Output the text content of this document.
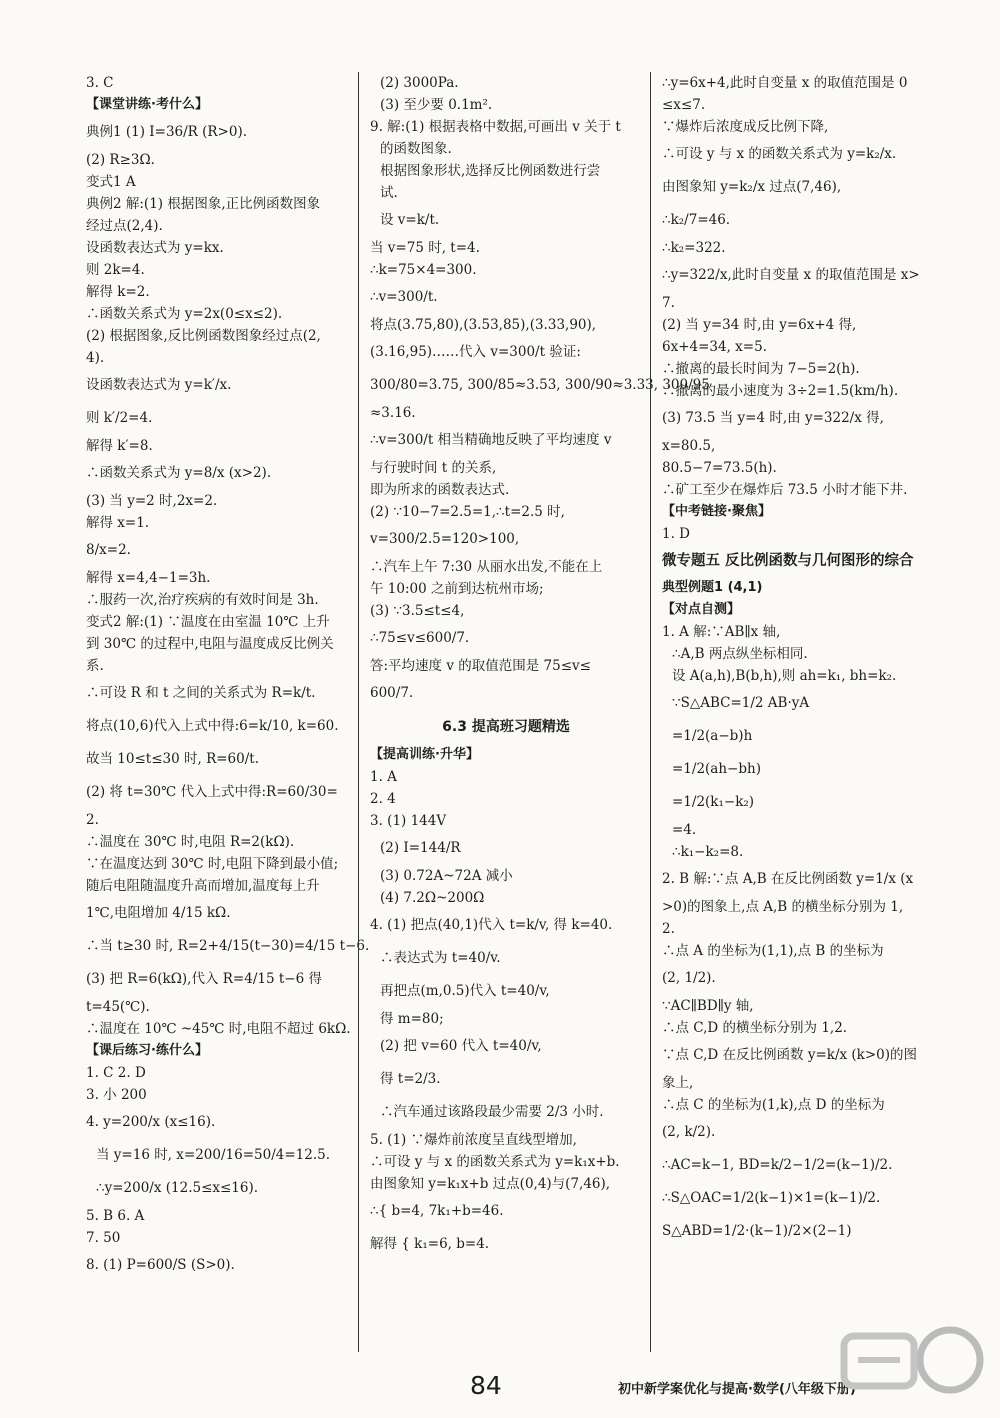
3. C
【课堂讲练·考什么】
典例1 (1) I=36/R (R>0).
(2) R≥3Ω.
变式1 A
典例2 解:(1) 根据图象,正比例函数图象
经过点(2,4).
设函数表达式为 y=kx.
则 2k=4.
解得 k=2.
∴函数关系式为 y=2x(0≤x≤2).
(2) 根据图象,反比例函数图象经过点(2,
4).
设函数表达式为 y=k′/x.
则 k′/2=4.
解得 k′=8.
∴函数关系式为 y=8/x (x>2).
(3) 当 y=2 时,2x=2.
解得 x=1.
8/x=2.
解得 x=4,4−1=3h.
∴服药一次,治疗疾病的有效时间是 3h.
变式2 解:(1) ∵温度在由室温 10℃ 上升
到 30℃ 的过程中,电阻与温度成反比例关
系.
∴可设 R 和 t 之间的关系式为 R=k/t.
将点(10,6)代入上式中得:6=k/10, k=60.
故当 10≤t≤30 时, R=60/t.
(2) 将 t=30℃ 代入上式中得:R=60/30=
2.
∴温度在 30℃ 时,电阻 R=2(kΩ).
∵在温度达到 30℃ 时,电阻下降到最小值;
随后电阻随温度升高而增加,温度每上升
1℃,电阻增加 4/15 kΩ.
∴当 t≥30 时, R=2+4/15(t−30)=4/15 t−6.
(3) 把 R=6(kΩ),代入 R=4/15 t−6 得
t=45(℃).
∴温度在 10℃ ~45℃ 时,电阻不超过 6kΩ.
【课后练习·练什么】
1. C 2. D
3. 小 200
4. y=200/x (x≤16).
当 y=16 时, x=200/16=50/4=12.5.
∴y=200/x (12.5≤x≤16).
5. B 6. A
7. 50
8. (1) P=600/S (S>0).
(2) 3000Pa.
(3) 至少要 0.1m².
9. 解:(1) 根据表格中数据,可画出 v 关于 t
的函数图象.
根据图象形状,选择反比例函数进行尝
试.
设 v=k/t.
当 v=75 时, t=4.
∴k=75×4=300.
∴v=300/t.
将点(3.75,80),(3.53,85),(3.33,90),
(3.16,95)……代入 v=300/t 验证:
300/80=3.75, 300/85≈3.53, 300/90≈3.33, 300/95
≈3.16.
∴v=300/t 相当精确地反映了平均速度 v
与行驶时间 t 的关系,
即为所求的函数表达式.
(2) ∵10−7=2.5=1,∴t=2.5 时,
v=300/2.5=120>100,
∴汽车上午 7:30 从丽水出发,不能在上
午 10:00 之前到达杭州市场;
(3) ∵3.5≤t≤4,
∴75≤v≤600/7.
答:平均速度 v 的取值范围是 75≤v≤
600/7.
6.3 提高班习题精选
【提高训练·升华】
1. A
2. 4
3. (1) 144V
(2) I=144/R
(3) 0.72A~72A 减小
(4) 7.2Ω~200Ω
4. (1) 把点(40,1)代入 t=k/v, 得 k=40.
∴表达式为 t=40/v.
再把点(m,0.5)代入 t=40/v,
得 m=80;
(2) 把 v=60 代入 t=40/v,
得 t=2/3.
∴汽车通过该路段最少需要 2/3 小时.
5. (1) ∵爆炸前浓度呈直线型增加,
∴可设 y 与 x 的函数关系式为 y=k₁x+b.
由图象知 y=k₁x+b 过点(0,4)与(7,46),
∴{ b=4, 7k₁+b=46.
解得 { k₁=6, b=4.
∴y=6x+4,此时自变量 x 的取值范围是 0
≤x≤7.
∵爆炸后浓度成反比例下降,
∴可设 y 与 x 的函数关系式为 y=k₂/x.
由图象知 y=k₂/x 过点(7,46),
∴k₂/7=46.
∴k₂=322.
∴y=322/x,此时自变量 x 的取值范围是 x>
7.
(2) 当 y=34 时,由 y=6x+4 得,
6x+4=34, x=5.
∴撤离的最长时间为 7−5=2(h).
∴撤离的最小速度为 3÷2=1.5(km/h).
(3) 73.5 当 y=4 时,由 y=322/x 得,
x=80.5,
80.5−7=73.5(h).
∴矿工至少在爆炸后 73.5 小时才能下井.
【中考链接·聚焦】
1. D
微专题五 反比例函数与几何图形的综合
典型例题1 (4,1)
【对点自测】
1. A 解:∵AB∥x 轴,
∴A,B 两点纵坐标相同.
设 A(a,h),B(b,h),则 ah=k₁, bh=k₂.
∵S△ABC=1/2 AB·yA
=1/2(a−b)h
=1/2(ah−bh)
=1/2(k₁−k₂)
=4.
∴k₁−k₂=8.
2. B 解:∵点 A,B 在反比例函数 y=1/x (x
>0)的图象上,点 A,B 的横坐标分别为 1,
2.
∴点 A 的坐标为(1,1),点 B 的坐标为
(2, 1/2).
∵AC∥BD∥y 轴,
∴点 C,D 的横坐标分别为 1,2.
∵点 C,D 在反比例函数 y=k/x (k>0)的图
象上,
∴点 C 的坐标为(1,k),点 D 的坐标为
(2, k/2).
∴AC=k−1, BD=k/2−1/2=(k−1)/2.
∴S△OAC=1/2(k−1)×1=(k−1)/2.
S△ABD=1/2·(k−1)/2×(2−1)
84	初中新学案优化与提高·数学(八年级下册)
